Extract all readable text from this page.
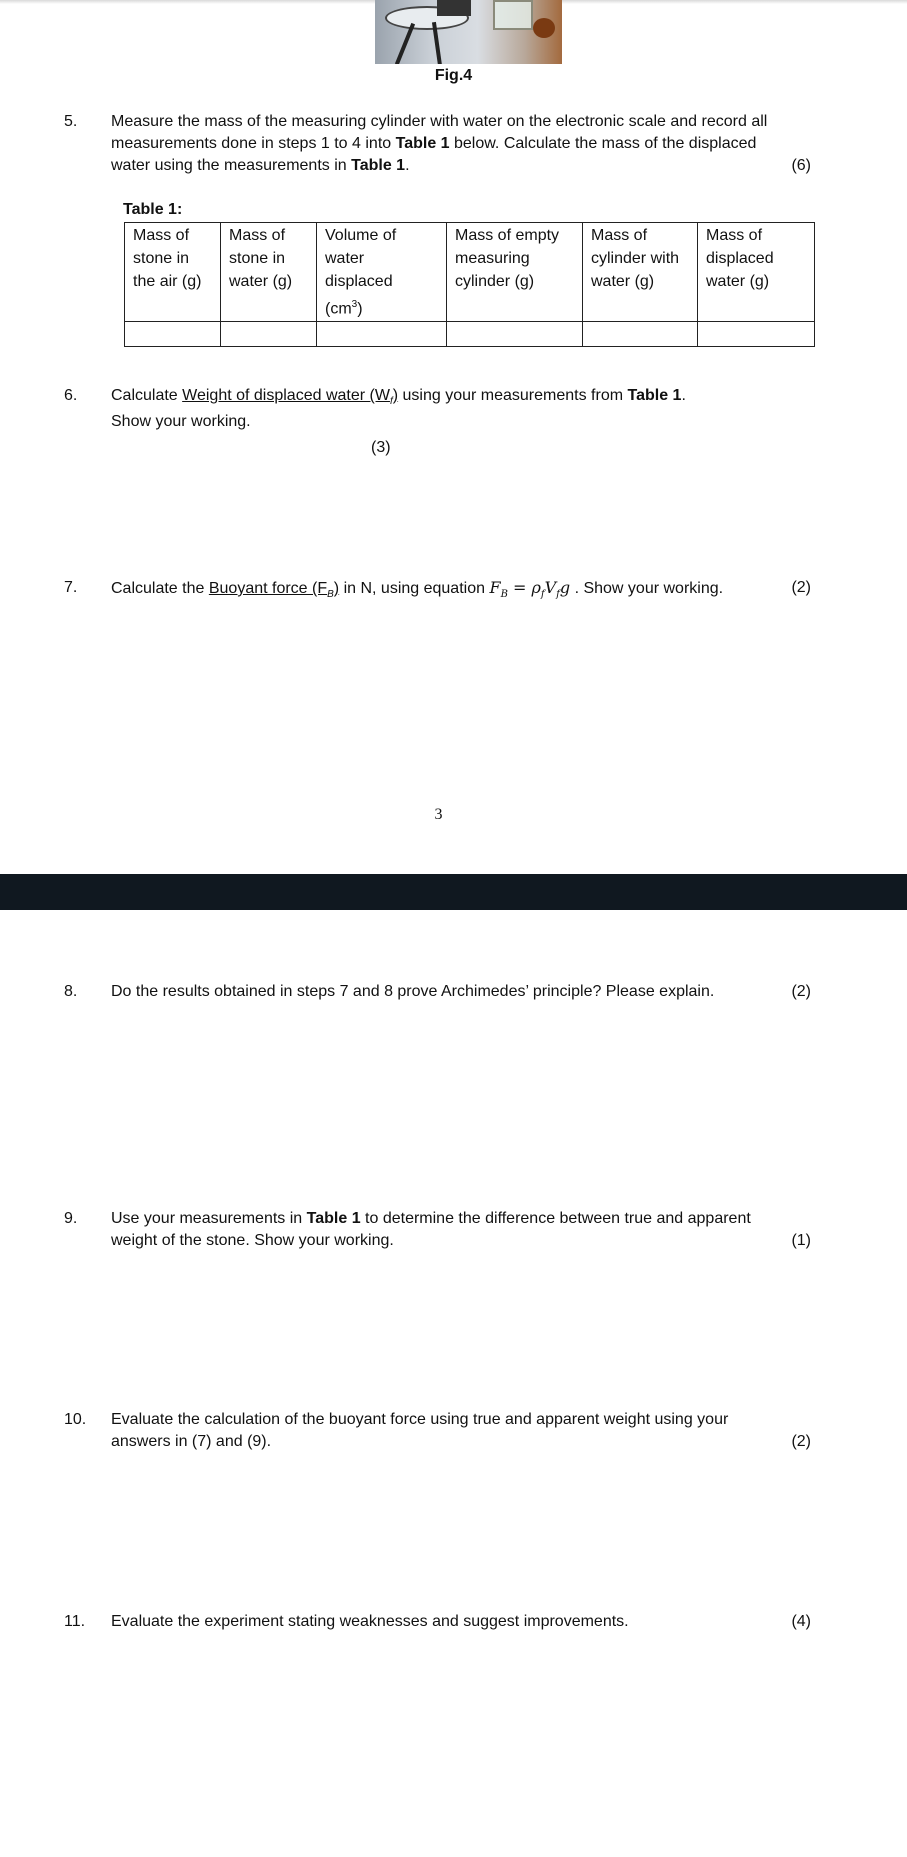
Fig.4
5. Measure the mass of the measuring cylinder with water on the electronic scale and record all
measurements done in steps 1 to 4 into Table 1 below. Calculate the mass of the displaced
water using the measurements in Table 1.	(6)
Table 1:
Mass of
stone in
the air (g)	Mass of
stone in
water (g)	Volume of
water
displaced
$(cm^3)$	Mass of empty
measuring
cylinder (g)	Mass of
cylinder with
water (g)	Mass of
displaced
water (g)

6. Calculate Weight of displaced water $(W_f)$ using your measurements from Table 1.
Show your working.
(3)
7. Calculate the Buoyant force $(F_B)$ in N, using equation $F_B = \rho_fV_fg$ . Show your working.	(2)
3
8. Do the results obtained in steps 7 and 8 prove Archimedes’ principle? Please explain.	(2)
9. Use your measurements in Table 1 to determine the difference between true and apparent
weight of the stone. Show your working.	(1)
10. Evaluate the calculation of the buoyant force using true and apparent weight using your
answers in (7) and (9).	(2)
11. Evaluate the experiment stating weaknesses and suggest improvements.	(4)
